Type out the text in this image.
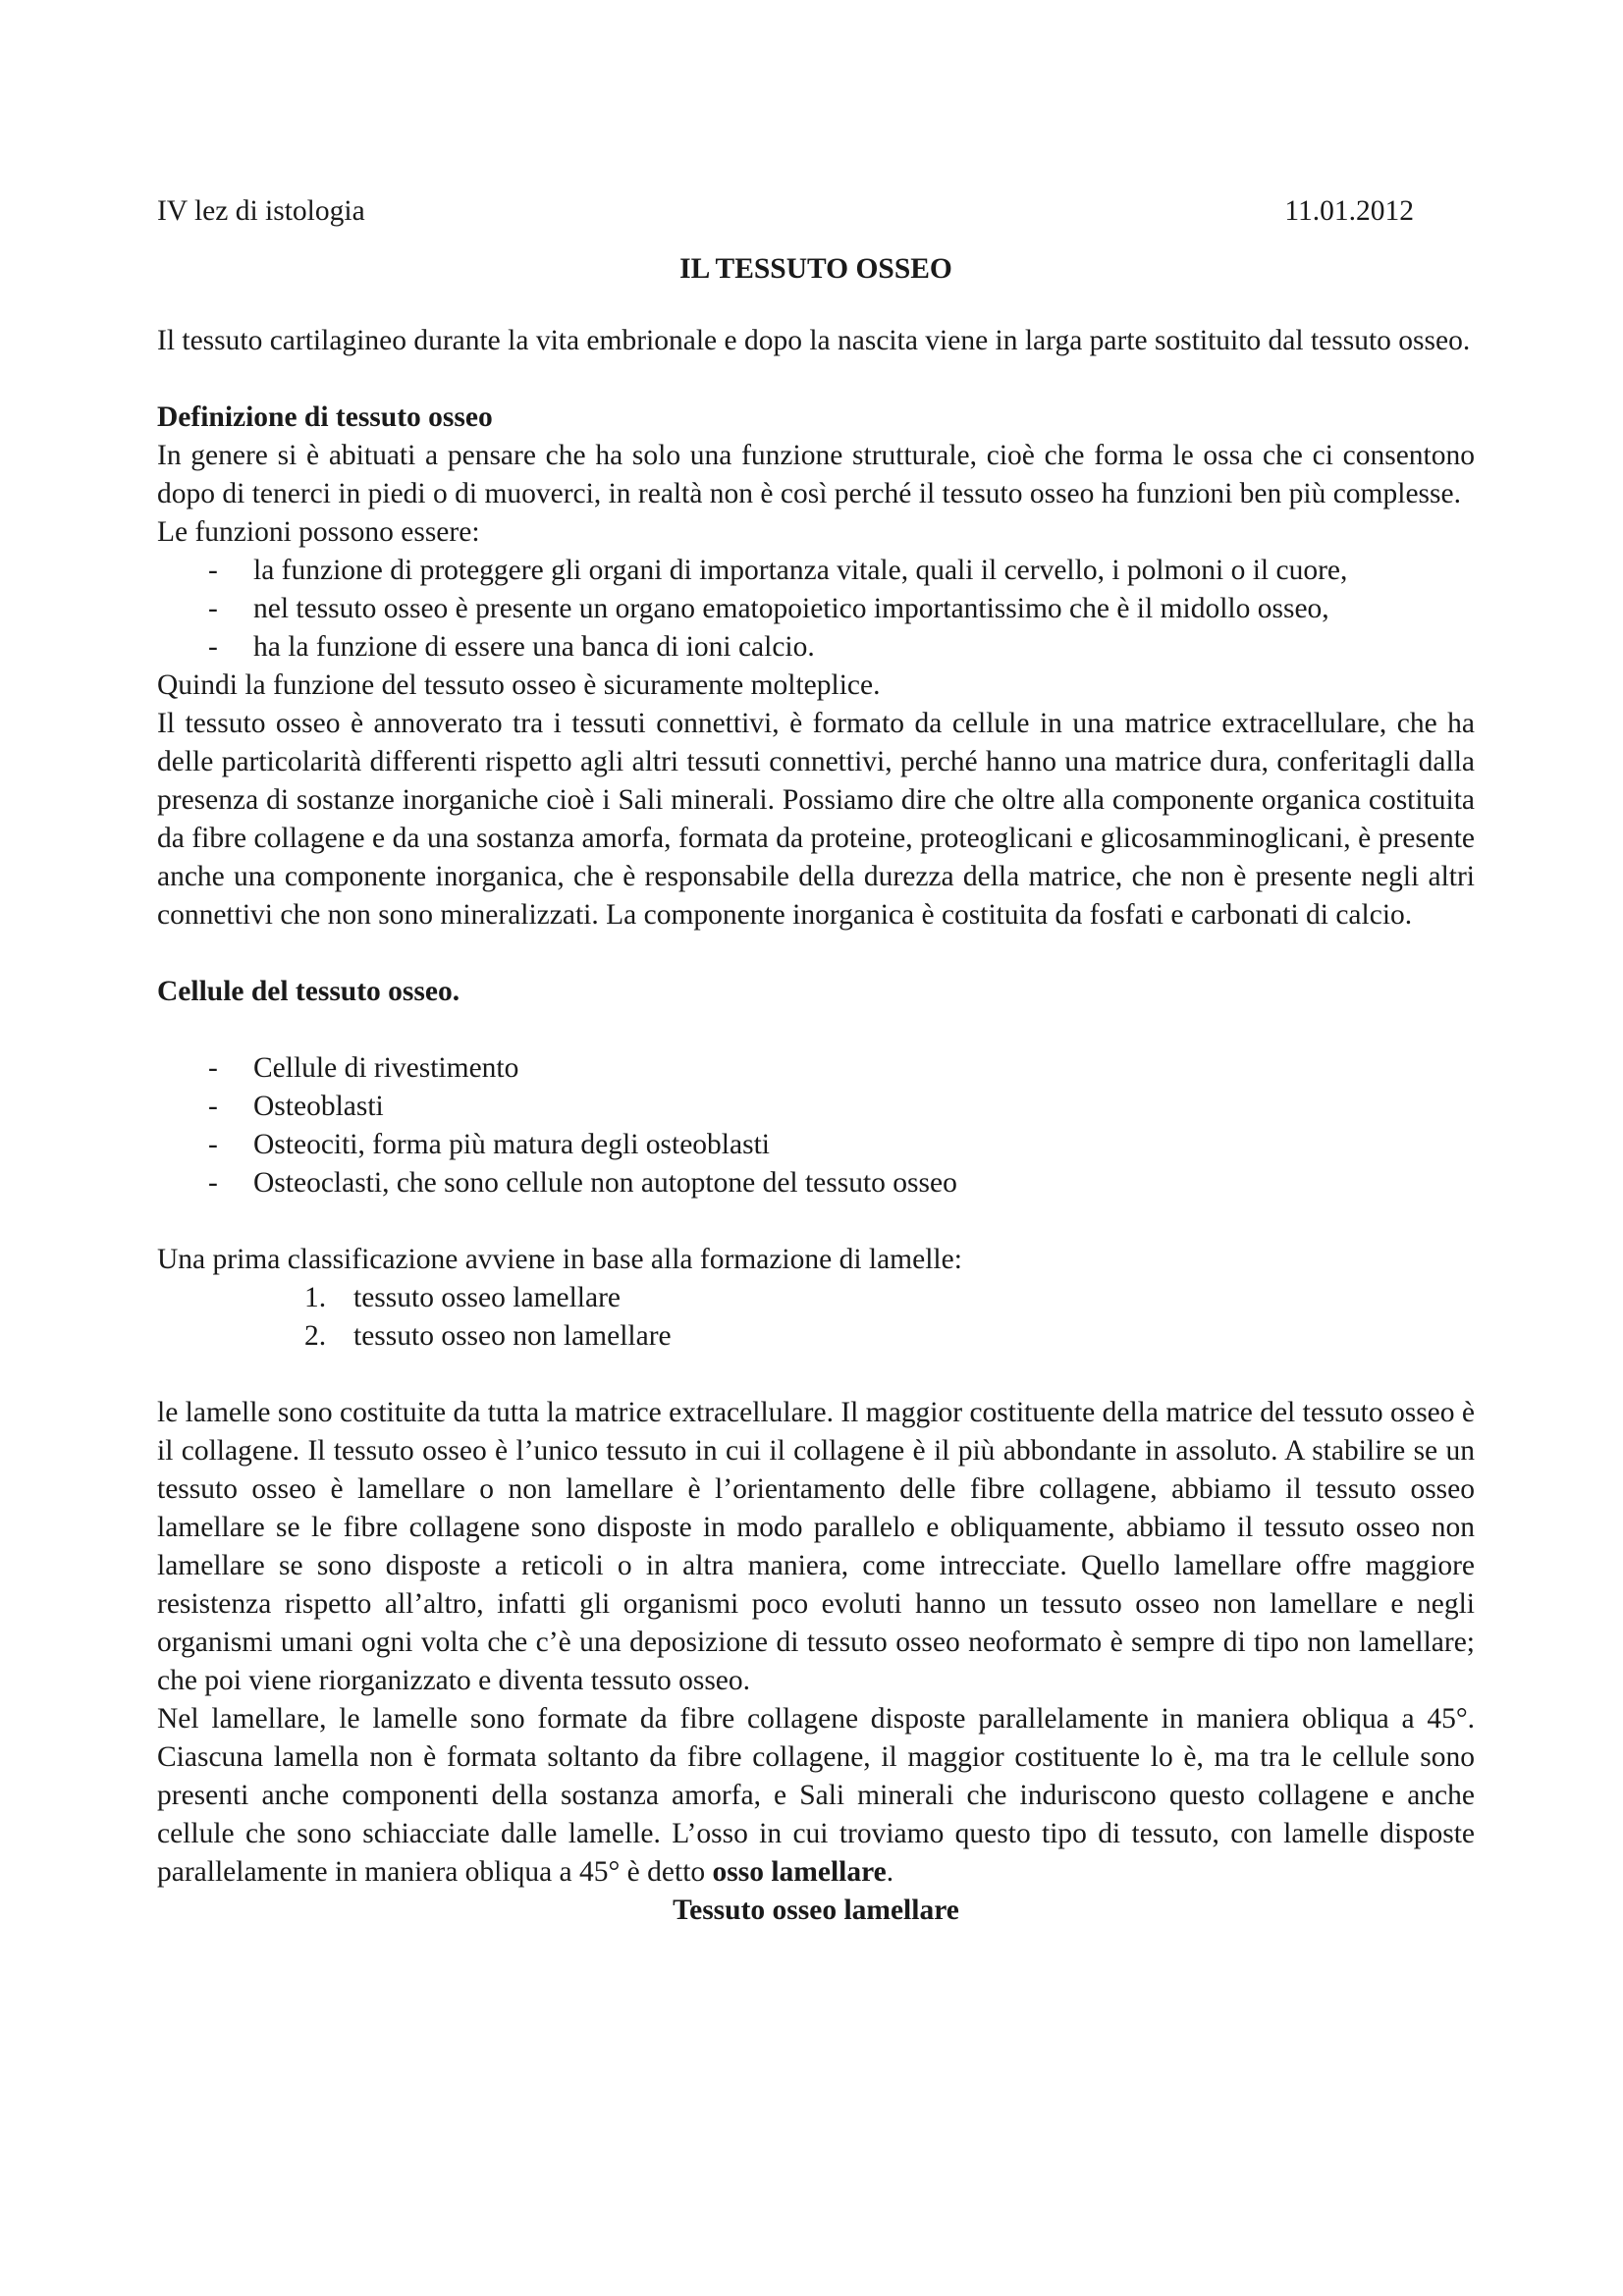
IV lez di istologia	11.01.2012
IL TESSUTO OSSEO

Il tessuto cartilagineo durante la vita embrionale e dopo la nascita viene in larga parte sostituito dal tessuto osseo.

Definizione di tessuto osseo

In genere si è abituati a pensare che ha solo una funzione strutturale, cioè che forma le ossa che ci consentono dopo di tenerci in piedi o di muoverci, in realtà non è così perché il tessuto osseo ha funzioni ben più complesse.

Le funzioni possono essere:

- la funzione di proteggere gli organi di importanza vitale, quali il cervello, i polmoni o il cuore,
- nel tessuto osseo è presente un organo ematopoietico importantissimo che è il midollo osseo,
- ha la funzione di essere una banca di ioni calcio.

Quindi la funzione del tessuto osseo è sicuramente molteplice.

Il tessuto osseo è annoverato tra i tessuti connettivi, è formato da cellule in una matrice extracellulare, che ha delle particolarità differenti rispetto agli altri tessuti connettivi, perché hanno una matrice dura, conferitagli dalla presenza di sostanze inorganiche cioè i Sali minerali. Possiamo dire che oltre alla componente organica costituita da fibre collagene e da una sostanza amorfa, formata da proteine, proteoglicani e glicosamminoglicani, è presente anche una componente inorganica, che è responsabile della durezza della matrice, che non è presente negli altri connettivi che non sono mineralizzati. La componente inorganica è costituita da fosfati e carbonati di calcio.

Cellule del tessuto osseo.
- Cellule di rivestimento
- Osteoblasti
- Osteociti, forma più matura degli osteoblasti
- Osteoclasti, che sono cellule non autoptone del tessuto osseo

Una prima classificazione avviene in base alla formazione di lamelle:

1. tessuto osseo lamellare
2. tessuto osseo non lamellare

le lamelle sono costituite da tutta la matrice extracellulare. Il maggior costituente della matrice del tessuto osseo è il collagene. Il tessuto osseo è l’unico tessuto in cui il collagene è il più abbondante in assoluto. A stabilire se un tessuto osseo è lamellare o non lamellare è l’orientamento delle fibre collagene, abbiamo il tessuto osseo lamellare se le fibre collagene sono disposte in modo parallelo e obliquamente, abbiamo il tessuto osseo non lamellare se sono disposte a reticoli o in altra maniera, come intrecciate. Quello lamellare offre maggiore resistenza rispetto all’altro, infatti gli organismi poco evoluti hanno un tessuto osseo non lamellare e negli organismi umani ogni volta che c’è una deposizione di tessuto osseo neoformato è sempre di tipo non lamellare; che poi viene riorganizzato e diventa tessuto osseo.

Nel lamellare, le lamelle sono formate da fibre collagene disposte parallelamente in maniera obliqua a 45°. Ciascuna lamella non è formata soltanto da fibre collagene, il maggior costituente lo è, ma tra le cellule sono presenti anche componenti della sostanza amorfa, e Sali minerali che induriscono questo collagene e anche cellule che sono schiacciate dalle lamelle. L’osso in cui troviamo questo tipo di tessuto, con lamelle disposte parallelamente in maniera obliqua a 45° è detto osso lamellare.

Tessuto osseo lamellare
